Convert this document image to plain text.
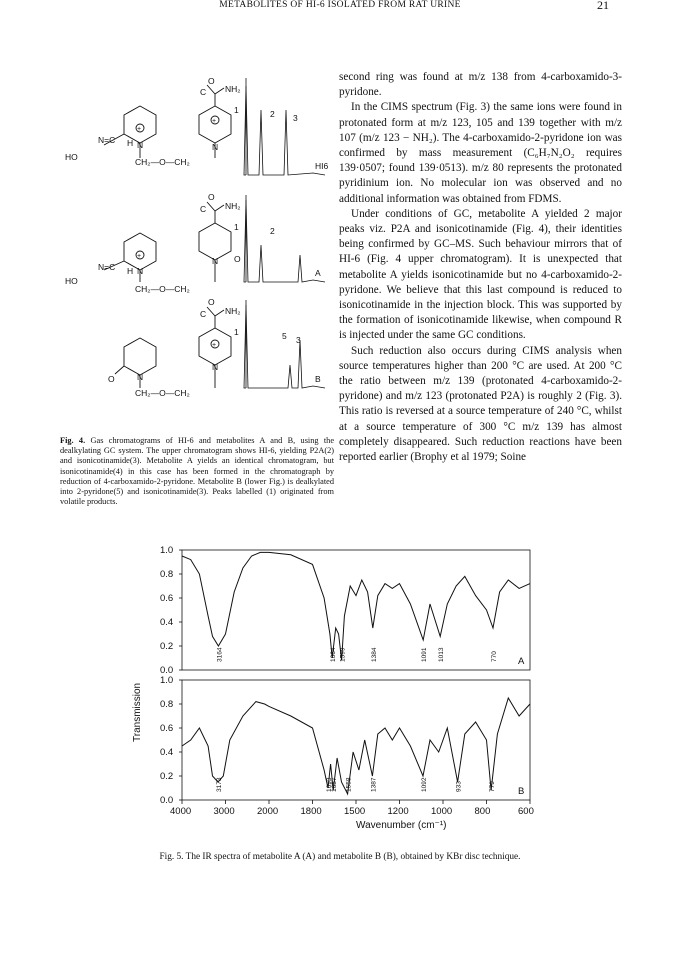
METABOLITES OF HI-6 ISOLATED FROM RAT URINE	21
O
C NH₂
N=C H N	N
+
+
HO	CH₂—O—CH₂
O
C NH₂
N=C H N
N O
+
HO
CH₂—O—CH₂
O
C NH₂
O	N
N
+
CH₂—O—CH₂
1	2 3
HI6
1	2
A
1	5 3
B
Fig. 4. Gas chromatograms of HI-6 and metabolites A and B, using the dealkylating GC system. The upper chromatogram shows HI-6, yielding P2A(2) and isonicotinamide(3). Metabolite A yields an identical chromatogram, but isonicotinamide(4) in this case has been formed in the chromatograph by reduction of 4-carboxamido-2-pyridone. Metabolite B (lower Fig.) is dealkylated into 2-pyridone(5) and isonicotinamide(3). Peaks labelled (1) originated from volatile products.

second ring was found at m/z 138 from 4-carboxamido-3-pyridone.

In the CIMS spectrum (Fig. 3) the same ions were found in protonated form at m/z 123, 105 and 139 together with m/z 107 (m/z 123 − NH₂). The 4-carboxamido-2-pyridone ion was confirmed by mass measurement (C₆H₇N₂O₂ requires 139·0507; found 139·0513). m/z 80 represents the protonated pyridinium ion. No molecular ion was observed and no additional information was obtained from FDMS.

Under conditions of GC, metabolite A yielded 2 major peaks viz. P2A and isonicotinamide (Fig. 4), their identities being confirmed by GC–MS. Such behaviour mirrors that of HI-6 (Fig. 4 upper chromatogram). It is unexpected that metabolite A yields isonicotinamide but no 4-carboxamido-2-pyridone. We believe that this last compound is reduced to isonicotinamide in the injection block. This was supported by the formation of isonicotinamide likewise, when compound R is injected under the same GC conditions.

Such reduction also occurs during CIMS analysis when source temperatures higher than 200 °C are used. At 200 °C the ratio between m/z 139 (protonated 4-carboxamido-2-pyridone) and m/z 123 (protonated P2A) is roughly 2 (Fig. 3). This ratio is reversed at a source temperature of 240 °C, whilst at a source temperature of 300 °C m/z 139 has almost completely disappeared. Such reduction reactions have been reported earlier (Brophy et al 1979; Soine

1.0
0.8
0.6
0.4
0.2
0.0
3164	1664 1599	1384	1091 1013	770 A
1.0
0.8
0.6
0.4
0.2
0.0
3173	1693
1657 1558	1387	1092	933	779 B
4000 3000 2000 1800 1500 1200 1000 800	600
Transmission
Wavenumber (cm⁻¹)
Fig. 5. The IR spectra of metabolite A (A) and metabolite B (B), obtained by KBr disc technique.
